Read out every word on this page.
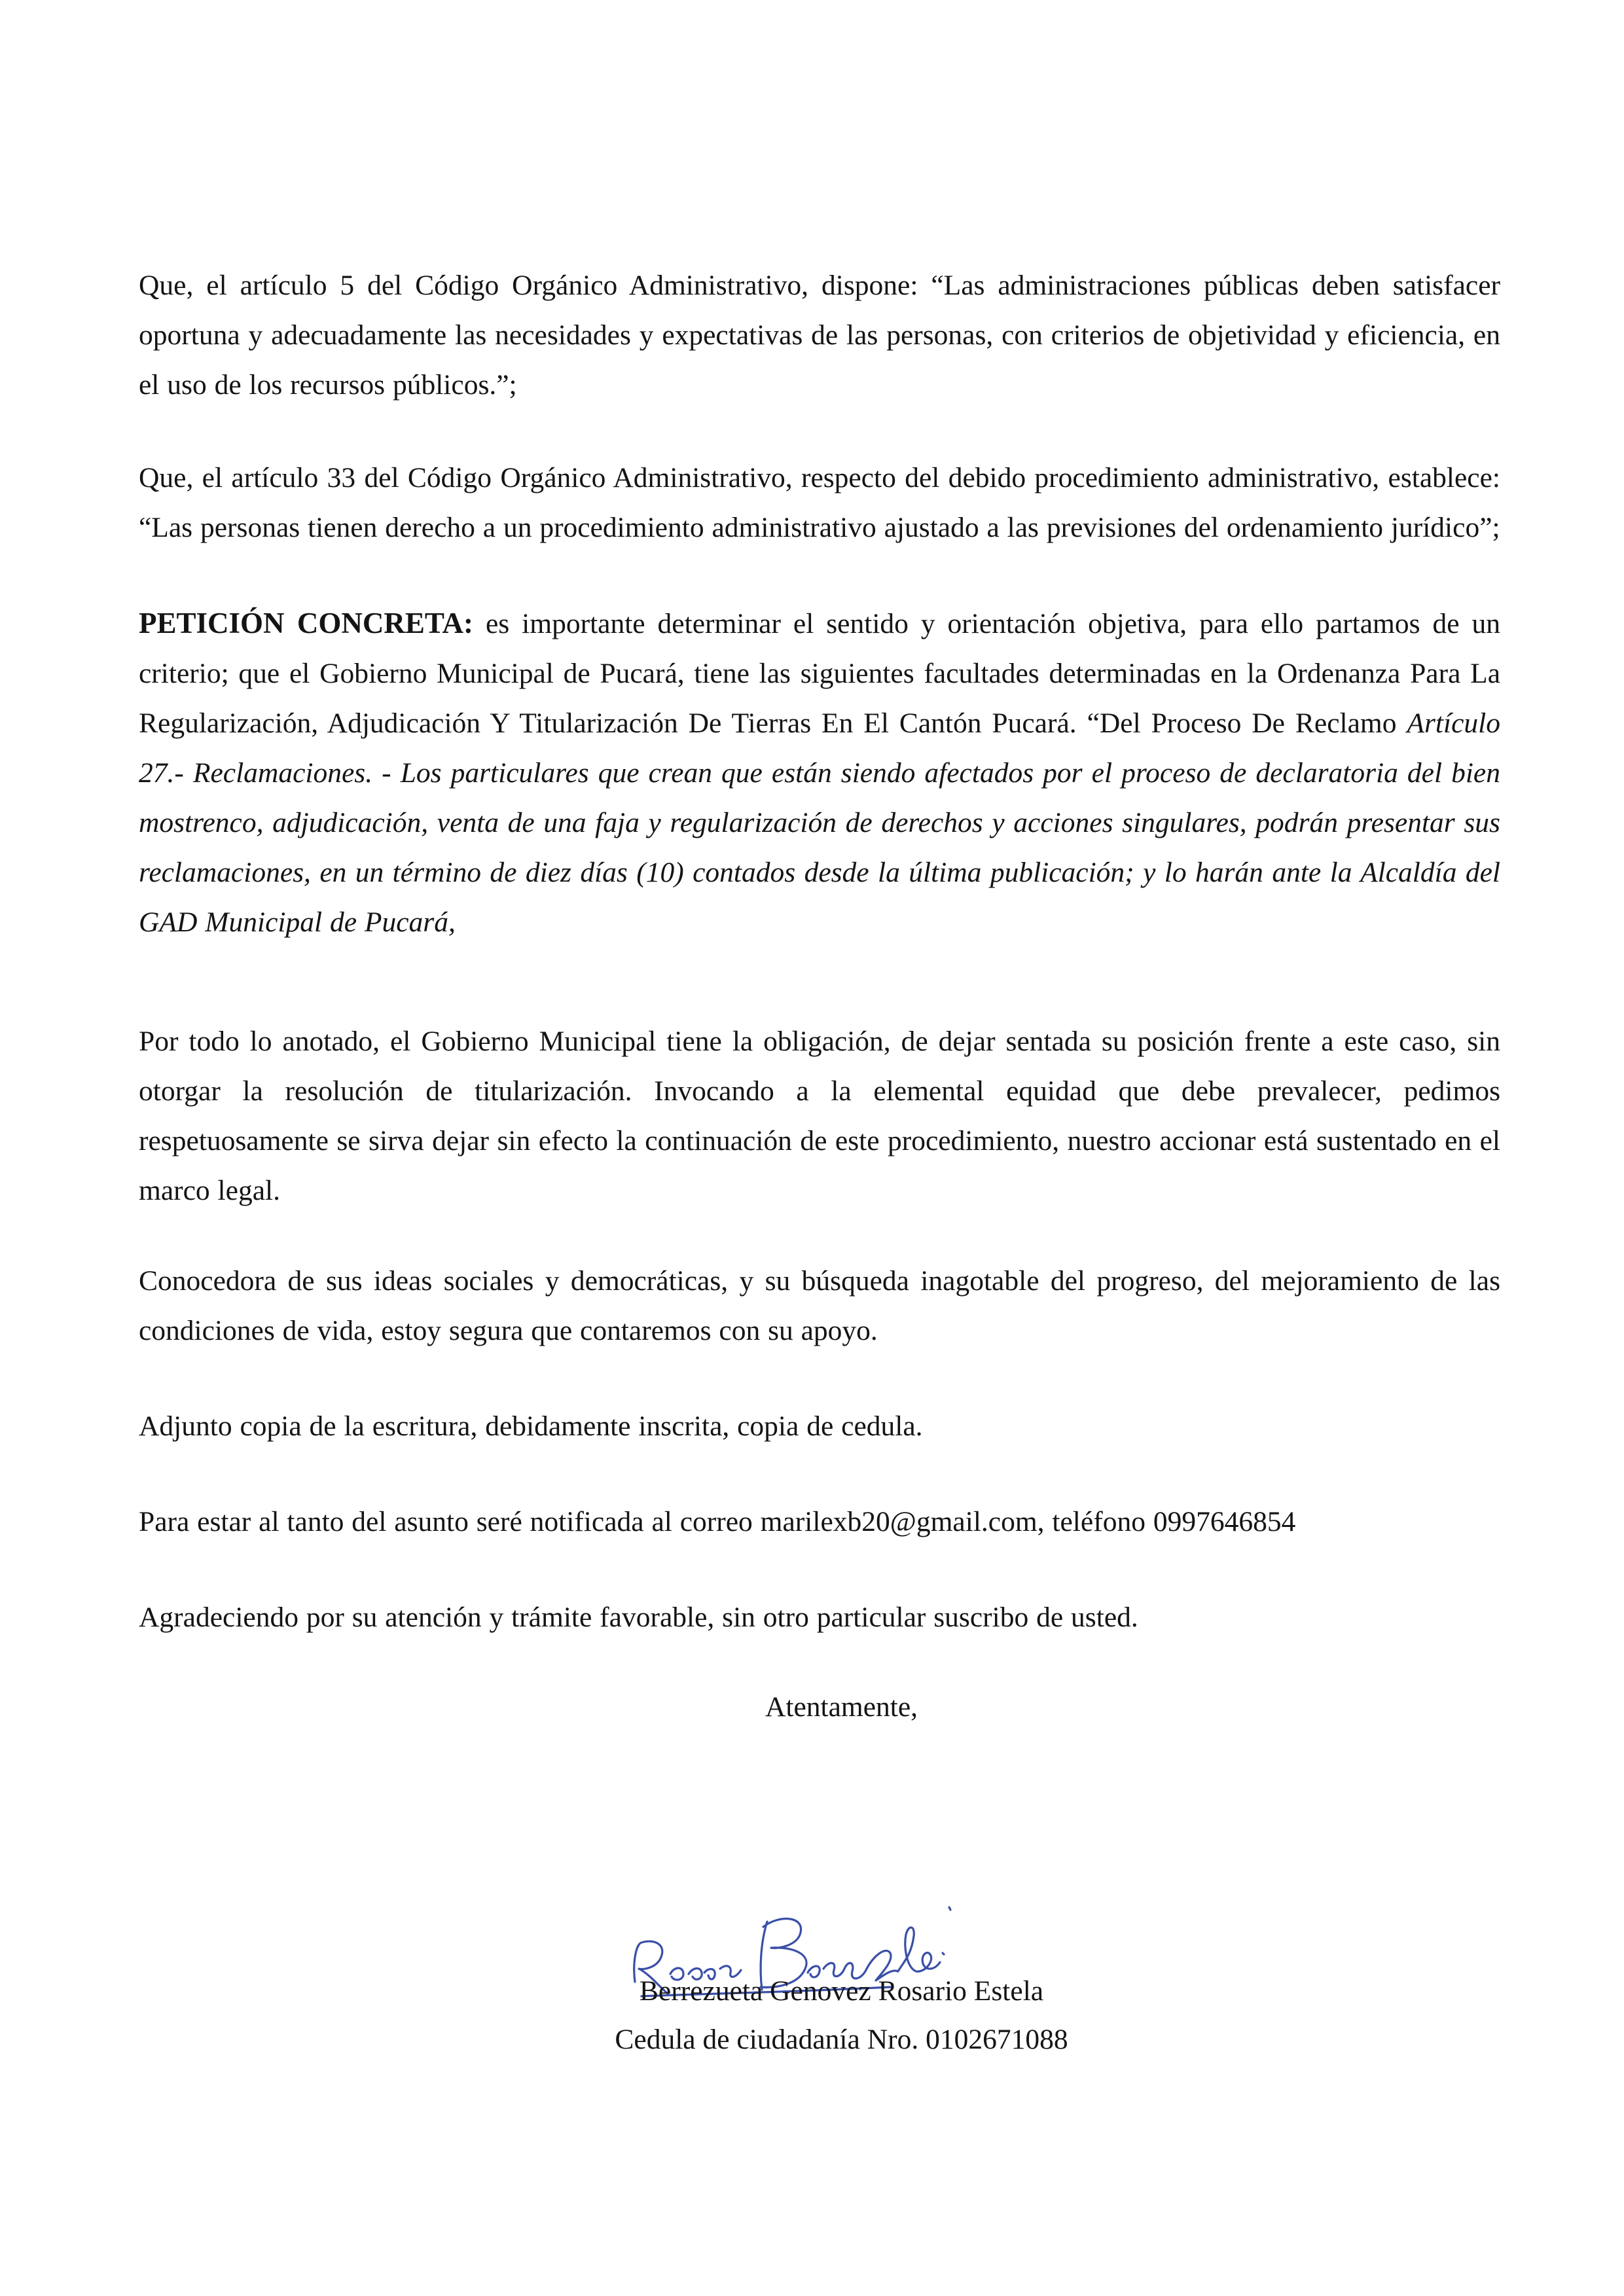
Que, el artículo 5 del Código Orgánico Administrativo, dispone: “Las administraciones públicas deben satisfacer oportuna y adecuadamente las necesidades y expectativas de las personas, con criterios de objetividad y eficiencia, en el uso de los recursos públicos.”;

Que, el artículo 33 del Código Orgánico Administrativo, respecto del debido procedimiento administrativo, establece: “Las personas tienen derecho a un procedimiento administrativo ajustado a las previsiones del ordenamiento jurídico”;

PETICIÓN CONCRETA: es importante determinar el sentido y orientación objetiva, para ello partamos de un criterio; que el Gobierno Municipal de Pucará, tiene las siguientes facultades determinadas en la Ordenanza Para La Regularización, Adjudicación Y Titularización De Tierras En El Cantón Pucará. “Del Proceso De Reclamo Artículo 27.- Reclamaciones. - Los particulares que crean que están siendo afectados por el proceso de declaratoria del bien mostrenco, adjudicación, venta de una faja y regularización de derechos y acciones singulares, podrán presentar sus reclamaciones, en un término de diez días (10) contados desde la última publicación; y lo harán ante la Alcaldía del GAD Municipal de Pucará,

Por todo lo anotado, el Gobierno Municipal tiene la obligación, de dejar sentada su posición frente a este caso, sin otorgar la resolución de titularización. Invocando a la elemental equidad que debe prevalecer, pedimos respetuosamente se sirva dejar sin efecto la continuación de este procedimiento, nuestro accionar está sustentado en el marco legal.

Conocedora de sus ideas sociales y democráticas, y su búsqueda inagotable del progreso, del mejoramiento de las condiciones de vida, estoy segura que contaremos con su apoyo.

Adjunto copia de la escritura, debidamente inscrita, copia de cedula.

Para estar al tanto del asunto seré notificada al correo marilexb20@gmail.com, teléfono 0997646854

Agradeciendo por su atención y trámite favorable, sin otro particular suscribo de usted.

Atentamente,
Berrezueta Genovez Rosario Estela
Cedula de ciudadanía Nro. 0102671088
